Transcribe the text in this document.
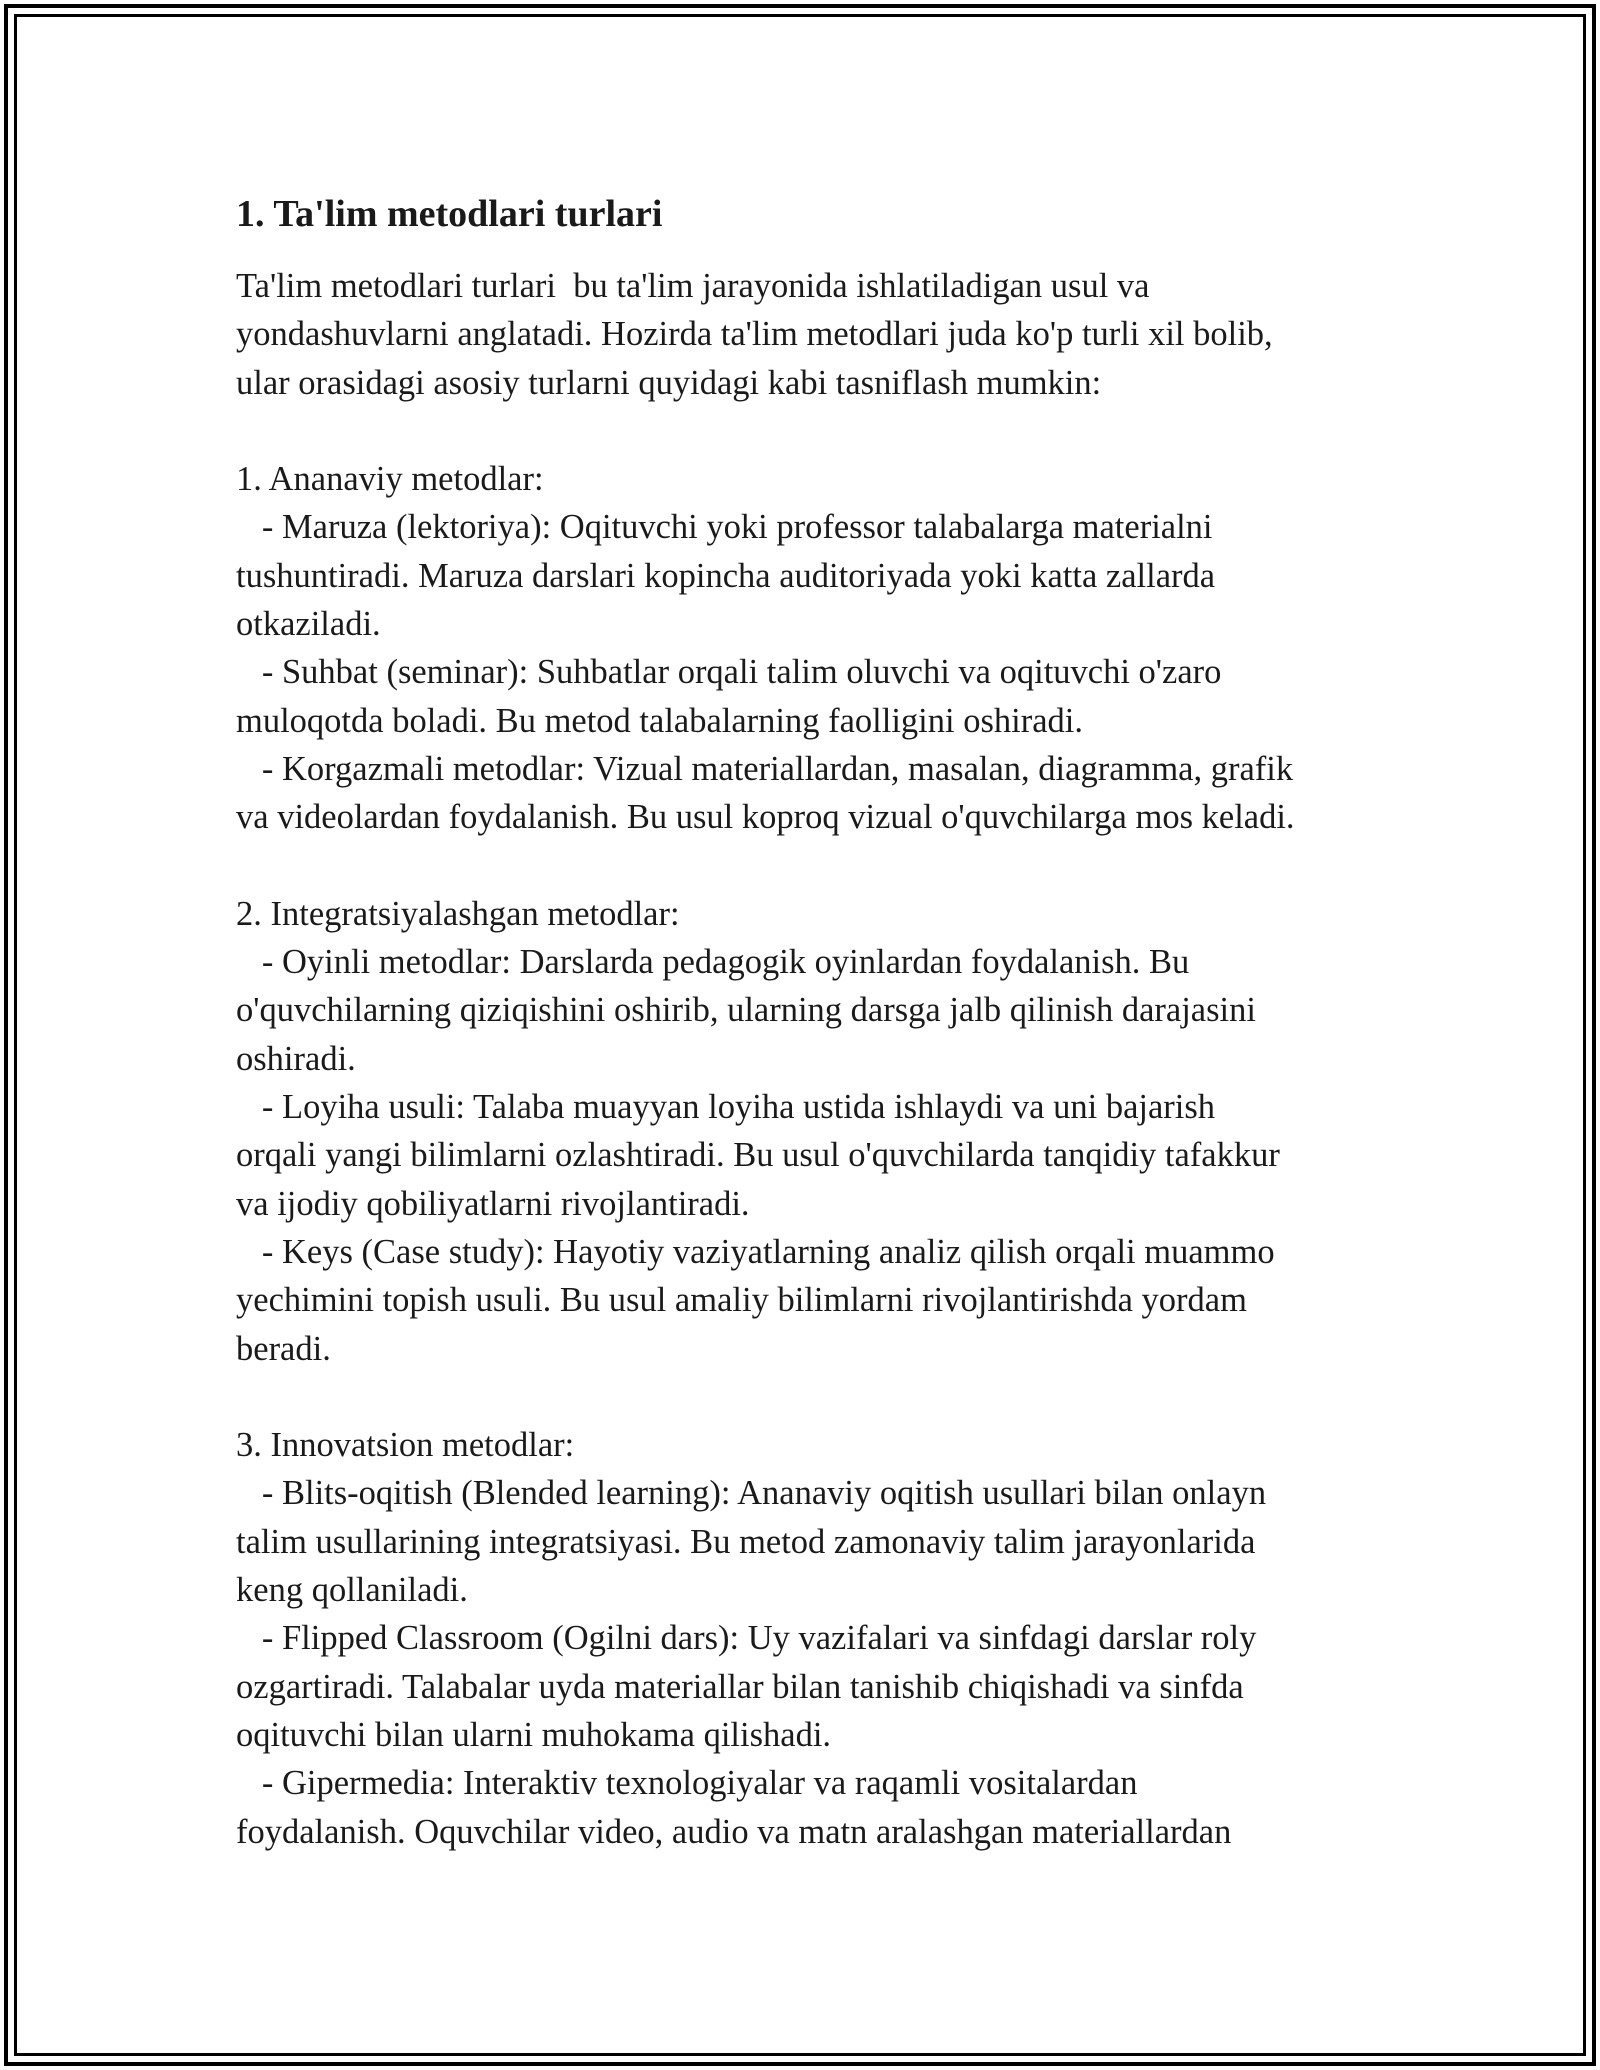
1. Ta'lim metodlari turlari
Ta'lim metodlari turlari  bu ta'lim jarayonida ishlatiladigan usul va
yondashuvlarni anglatadi. Hozirda ta'lim metodlari juda ko'p turli xil bolib,
ular orasidagi asosiy turlarni quyidagi kabi tasniflash mumkin:
1. Ananaviy metodlar:
- Maruza (lektoriya): Oqituvchi yoki professor talabalarga materialni
tushuntiradi. Maruza darslari kopincha auditoriyada yoki katta zallarda
otkaziladi.
- Suhbat (seminar): Suhbatlar orqali talim oluvchi va oqituvchi o'zaro
muloqotda boladi. Bu metod talabalarning faolligini oshiradi.
- Korgazmali metodlar: Vizual materiallardan, masalan, diagramma, grafik
va videolardan foydalanish. Bu usul koproq vizual o'quvchilarga mos keladi.
2. Integratsiyalashgan metodlar:
- Oyinli metodlar: Darslarda pedagogik oyinlardan foydalanish. Bu
o'quvchilarning qiziqishini oshirib, ularning darsga jalb qilinish darajasini
oshiradi.
- Loyiha usuli: Talaba muayyan loyiha ustida ishlaydi va uni bajarish
orqali yangi bilimlarni ozlashtiradi. Bu usul o'quvchilarda tanqidiy tafakkur
va ijodiy qobiliyatlarni rivojlantiradi.
- Keys (Case study): Hayotiy vaziyatlarning analiz qilish orqali muammo
yechimini topish usuli. Bu usul amaliy bilimlarni rivojlantirishda yordam
beradi.
3. Innovatsion metodlar:
- Blits-oqitish (Blended learning): Ananaviy oqitish usullari bilan onlayn
talim usullarining integratsiyasi. Bu metod zamonaviy talim jarayonlarida
keng qollaniladi.
- Flipped Classroom (Ogilni dars): Uy vazifalari va sinfdagi darslar roly
ozgartiradi. Talabalar uyda materiallar bilan tanishib chiqishadi va sinfda
oqituvchi bilan ularni muhokama qilishadi.
- Gipermedia: Interaktiv texnologiyalar va raqamli vositalardan
foydalanish. Oquvchilar video, audio va matn aralashgan materiallardan
